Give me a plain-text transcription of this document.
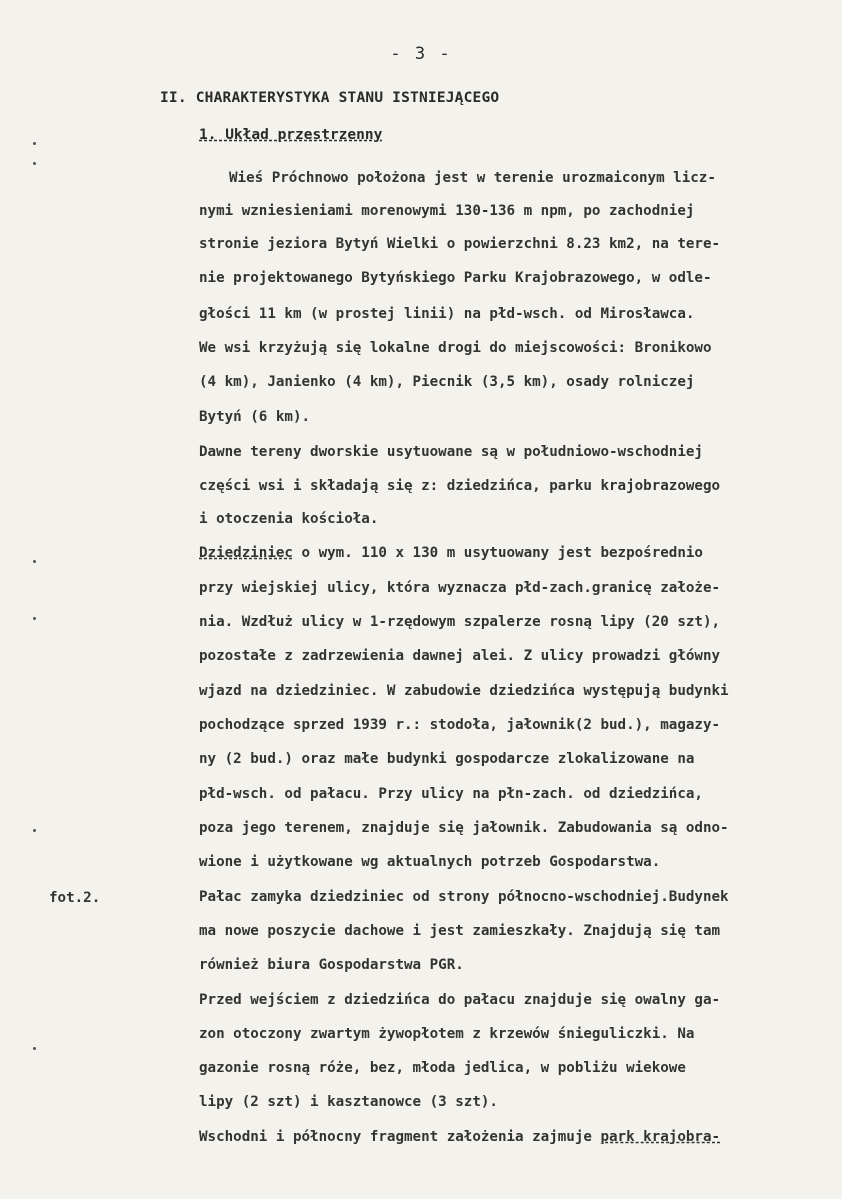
- 3 -
II. CHARAKTERYSTYKA STANU ISTNIEJĄCEGO
1. Układ przestrzenny
fot.2.
Wieś Próchnowo położona jest w terenie urozmaiconym licz-
nymi wzniesieniami morenowymi 130-136 m npm, po zachodniej
stronie jeziora Bytyń Wielki o powierzchni 8.23 km2, na tere-
nie projektowanego Bytyńskiego Parku Krajobrazowego, w odle-
głości 11 km (w prostej linii) na płd-wsch. od Mirosławca.
We wsi krzyżują się lokalne drogi do miejscowości: Bronikowo
(4 km), Janienko (4 km), Piecnik (3,5 km), osady rolniczej
Bytyń (6 km).
Dawne tereny dworskie usytuowane są w południowo-wschodniej
części wsi i składają się z: dziedzińca, parku krajobrazowego
i otoczenia kościoła.
Dziedziniec o wym. 110 x 130 m usytuowany jest bezpośrednio
przy wiejskiej ulicy, która wyznacza płd-zach.granicę założe-
nia. Wzdłuż ulicy w 1-rzędowym szpalerze rosną lipy (20 szt),
pozostałe z zadrzewienia dawnej alei. Z ulicy prowadzi główny
wjazd na dziedziniec. W zabudowie dziedzińca występują budynki
pochodzące sprzed 1939 r.: stodoła, jałownik(2 bud.), magazy-
ny (2 bud.) oraz małe budynki gospodarcze zlokalizowane na
płd-wsch. od pałacu. Przy ulicy na płn-zach. od dziedzińca,
poza jego terenem, znajduje się jałownik. Zabudowania są odno-
wione i użytkowane wg aktualnych potrzeb Gospodarstwa.
Pałac zamyka dziedziniec od strony północno-wschodniej.Budynek
ma nowe poszycie dachowe i jest zamieszkały. Znajdują się tam
również biura Gospodarstwa PGR.
Przed wejściem z dziedzińca do pałacu znajduje się owalny ga-
zon otoczony zwartym żywopłotem z krzewów śnieguliczki. Na
gazonie rosną róże, bez, młoda jedlica, w pobliżu wiekowe
lipy (2 szt) i kasztanowce (3 szt).
Wschodni i północny fragment założenia zajmuje park krajobra-
